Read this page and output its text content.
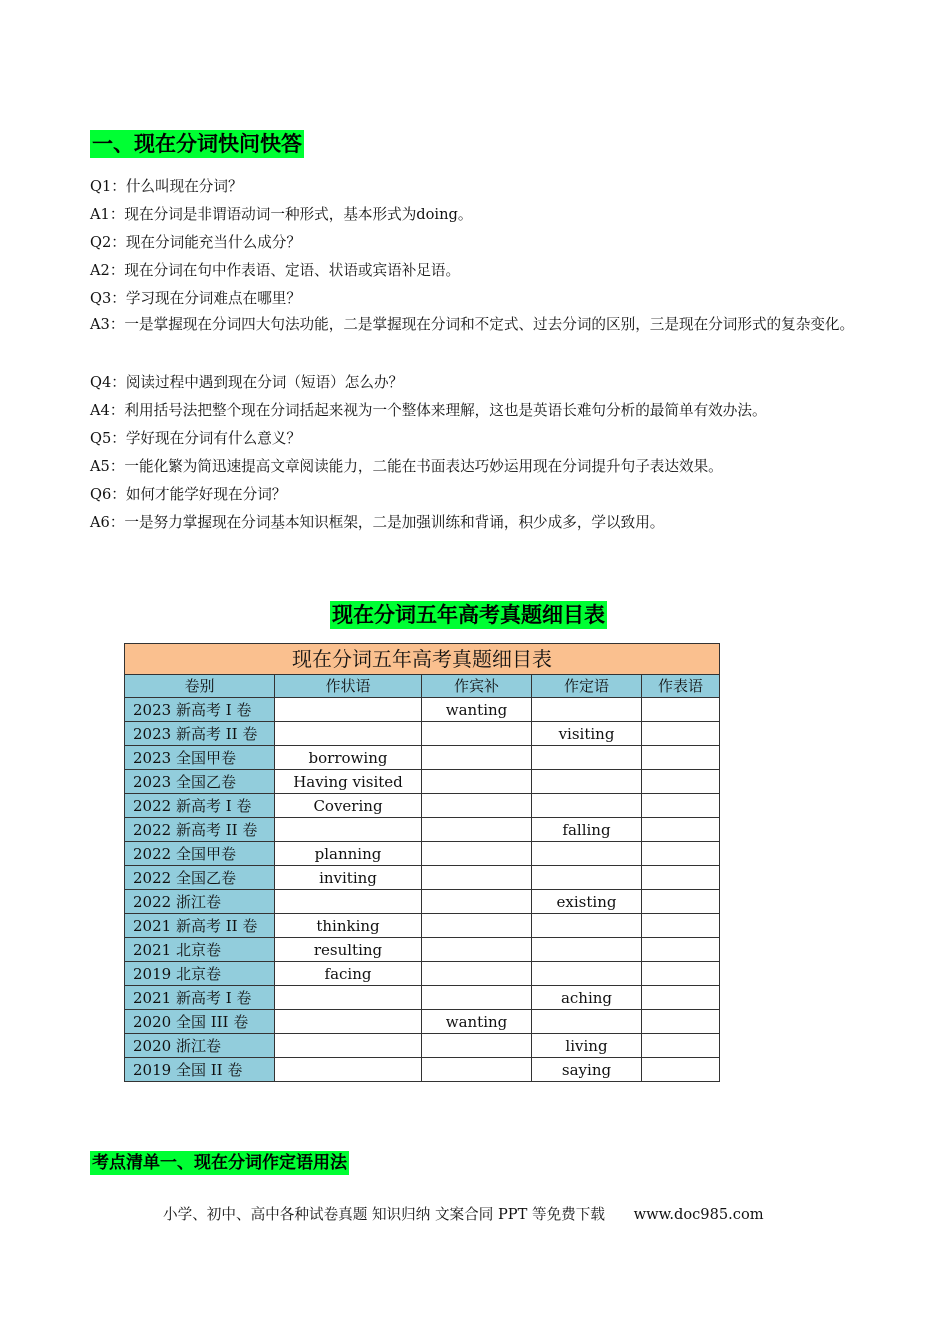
一、现在分词快问快答
Q1：什么叫现在分词？
A1：现在分词是非谓语动词一种形式，基本形式为doing。
Q2：现在分词能充当什么成分？
A2：现在分词在句中作表语、定语、状语或宾语补足语。
Q3：学习现在分词难点在哪里？
A3：一是掌握现在分词四大句法功能，二是掌握现在分词和不定式、过去分词的区别，三是现在分词形式的复杂变化。
Q4：阅读过程中遇到现在分词（短语）怎么办？
A4：利用括号法把整个现在分词括起来视为一个整体来理解，这也是英语长难句分析的最简单有效办法。
Q5：学好现在分词有什么意义？
A5：一能化繁为简迅速提高文章阅读能力，二能在书面表达巧妙运用现在分词提升句子表达效果。
Q6：如何才能学好现在分词？
A6：一是努力掌握现在分词基本知识框架，二是加强训练和背诵，积少成多，学以致用。
现在分词五年高考真题细目表
现在分词五年高考真题细目表				
卷别	作状语	作宾补	作定语	作表语
2023 新高考 I 卷		wanting		
2023 新高考 II 卷			visiting	
2023 全国甲卷	borrowing			
2023 全国乙卷	Having visited			
2022 新高考 I 卷	Covering			
2022 新高考 II 卷			falling	
2022 全国甲卷	planning			
2022 全国乙卷	inviting			
2022 浙江卷			existing	
2021 新高考 II 卷	thinking			
2021 北京卷	resulting			
2019 北京卷	facing			
2021 新高考 I 卷			aching	
2020 全国 III 卷		wanting		
2020 浙江卷			living	
2019 全国 II 卷			saying	
考点清单一、现在分词作定语用法
小学、初中、高中各种试卷真题 知识归纳 文案合同 PPT 等免费下载 www.doc985.com
